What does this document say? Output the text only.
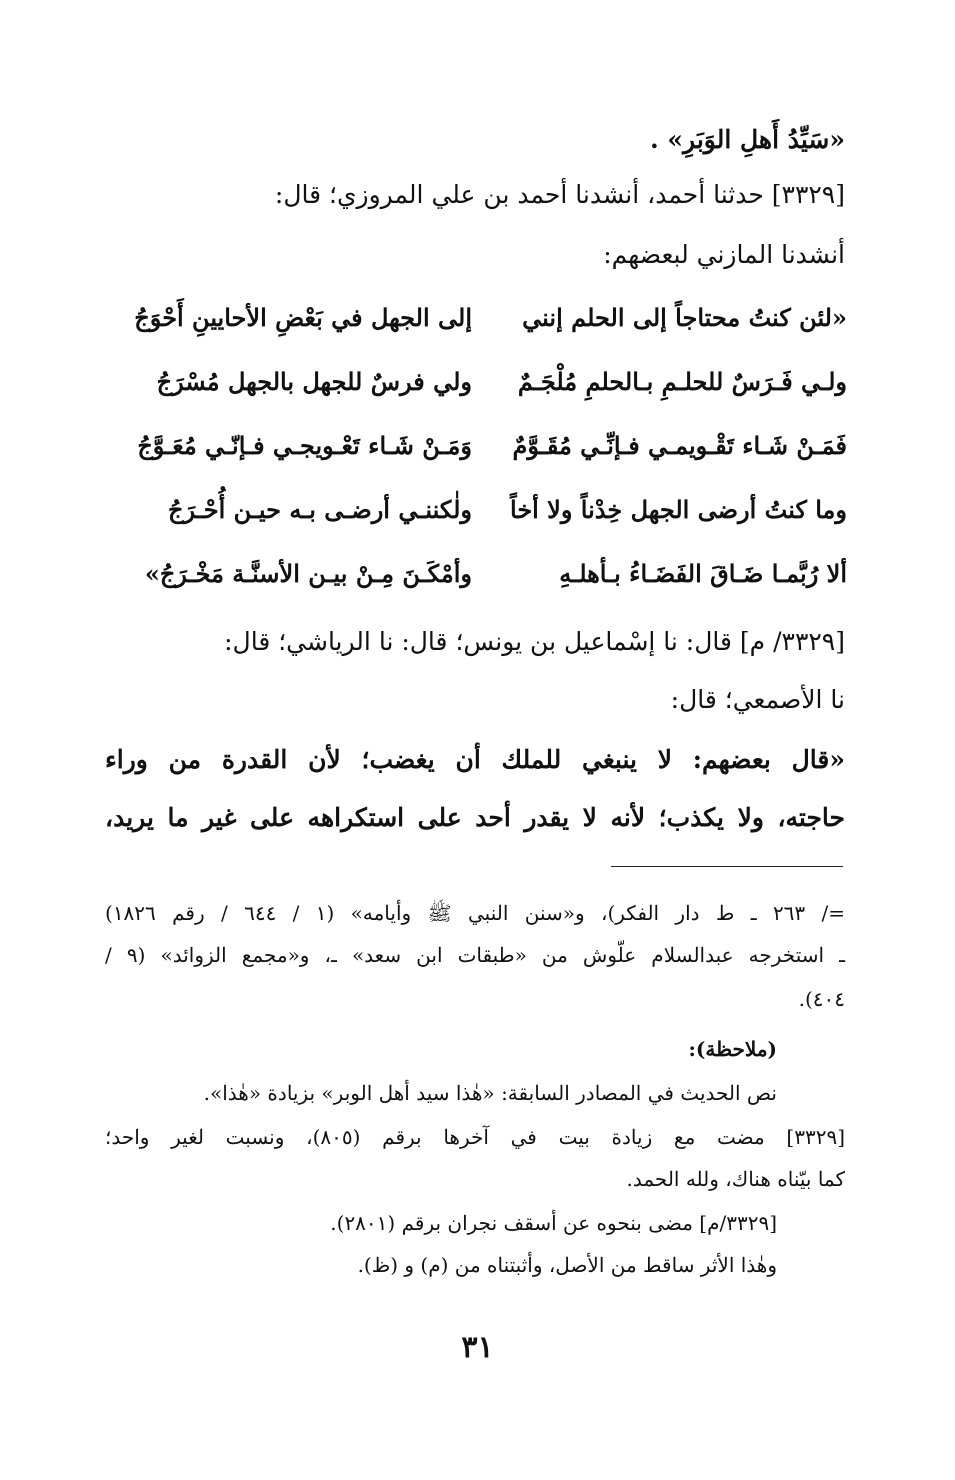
«سَيِّدُ أَهلِ الوَبَرِ» .
[٣٣٢٩] حدثنا أحمد، أنشدنا أحمد بن علي المروزي؛ قال:
أنشدنا المازني لبعضهم:
«لئن كنتُ محتاجاً إلى الحلم إنني
إلى الجهل في بَعْضِ الأحايينِ أَحْوَجُ
ولـي فَـرَسٌ للحلـمِ بـالحلمِ مُلْجَـمٌ
ولي فرسٌ للجهل بالجهل مُسْرَجُ
فَمَـنْ شَـاء تَقْـويمـي فـإنِّـي مُقَـوَّمٌ
وَمَـنْ شَـاء تَعْـويجـي فـإنّـي مُعَـوَّجُ
وما كنتُ أرضى الجهل خِدْناً ولا أخاً
ولٰكننـي أرضـى بـه حيـن أُحْـرَجُ
ألا رُبَّمـا ضَـاقَ الفَضَـاءُ بـأهلـهِ
وأمْكَـنَ مِـنْ بيـن الأسنَّـة مَخْـرَجُ»
[٣٣٢٩/ م] قال: نا إسْماعيل بن يونس؛ قال: نا الرياشي؛ قال:
نا الأصمعي؛ قال:
«قال بعضهم: لا ينبغي للملك أن يغضب؛ لأن القدرة من وراء
حاجته، ولا يكذب؛ لأنه لا يقدر أحد على استكراهه على غير ما يريد،
=/ ٢٦٣ ـ ط دار الفكر)، و«سنن النبي ﷺ وأيامه» (١ / ٦٤٤ / رقم ١٨٢٦)
ـ استخرجه عبدالسلام علّوش من «طبقات ابن سعد» ـ، و«مجمع الزوائد» (٩ /
٤٠٤).
(ملاحظة):
نص الحديث في المصادر السابقة: «هٰذا سيد أهل الوبر» بزيادة «هٰذا».
[٣٣٢٩] مضت مع زيادة بيت في آخرها برقم (٨٠٥)، ونسبت لغير واحد؛
كما بيّناه هناك، ولله الحمد.
[٣٣٢٩/م] مضى بنحوه عن أسقف نجران برقم (٢٨٠١).
وهٰذا الأثر ساقط من الأصل، وأثبتناه من (م) و (ظ).
٣١
